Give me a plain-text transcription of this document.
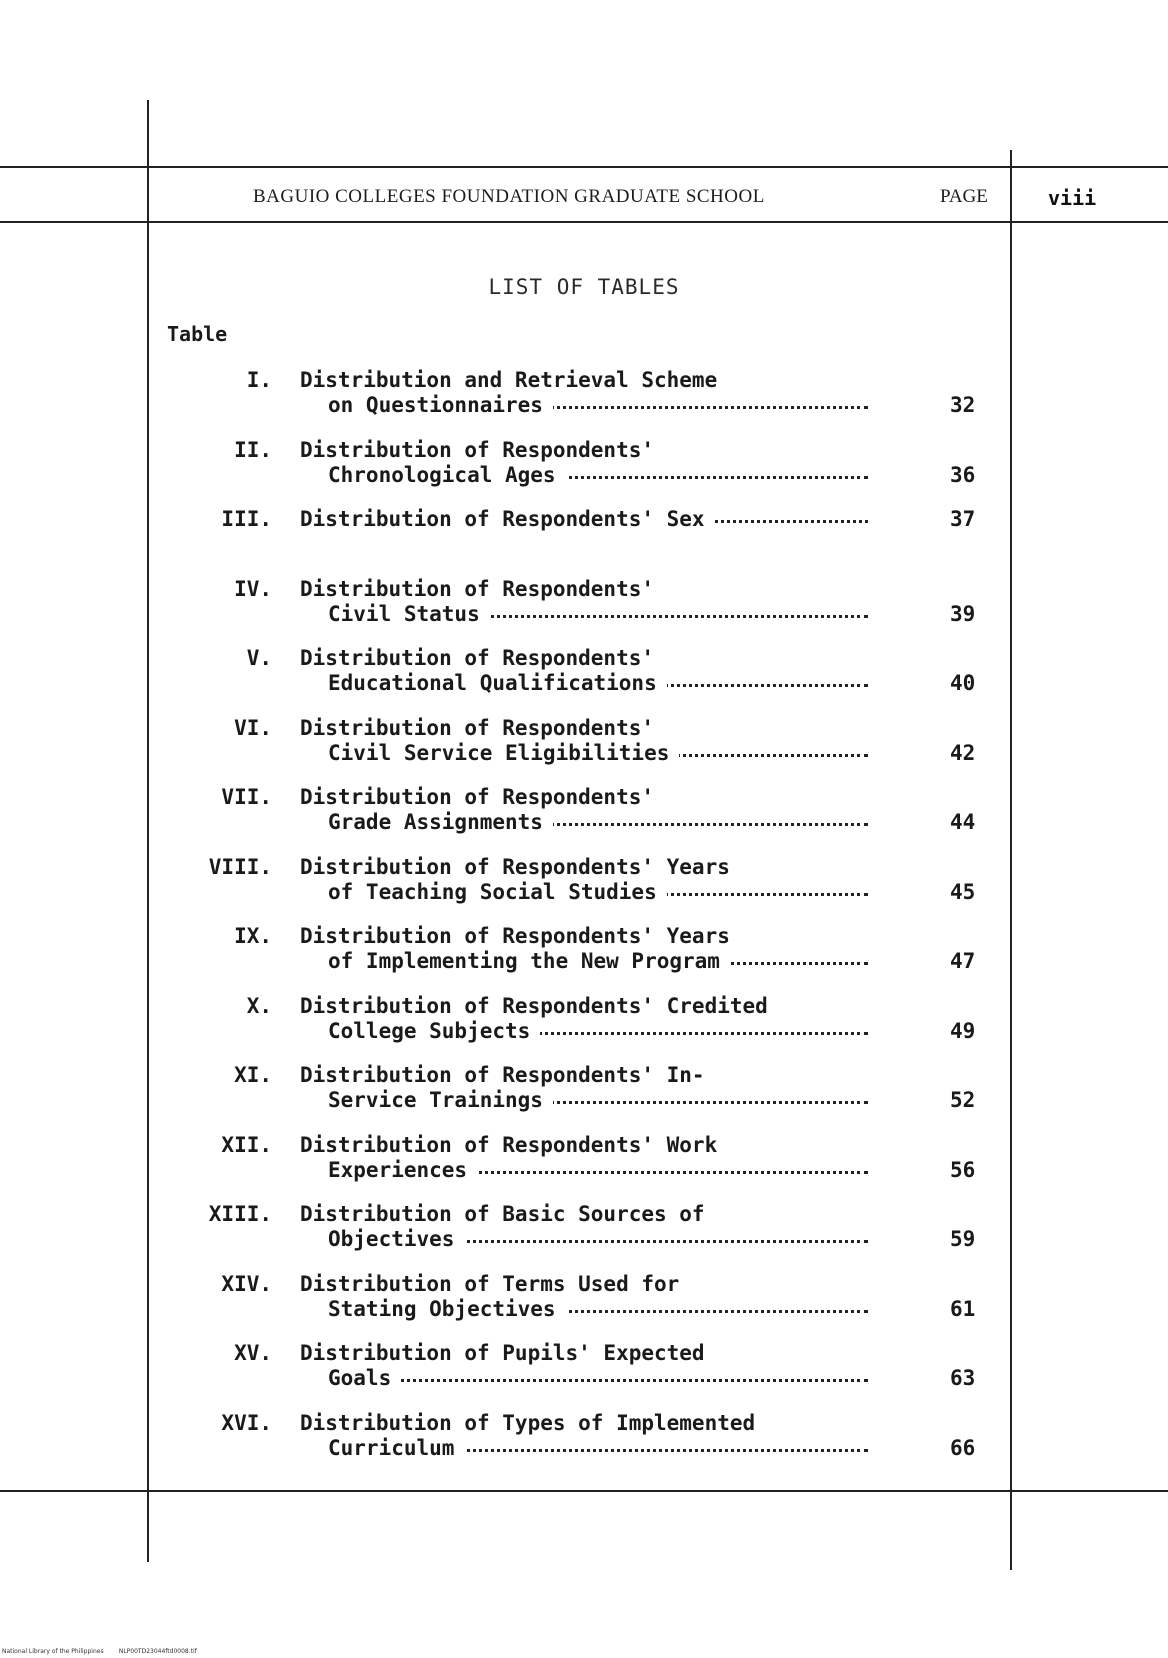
BAGUIO COLLEGES FOUNDATION GRADUATE SCHOOL	PAGE	viii
LIST OF TABLES
Table
I. Distribution and Retrieval Scheme
on Questionnaires	32
II. Distribution of Respondents'
Chronological Ages	36
III. Distribution of Respondents' Sex	37
IV. Distribution of Respondents'
Civil Status	39
V. Distribution of Respondents'
Educational Qualifications	40
VI. Distribution of Respondents'
Civil Service Eligibilities	42
VII. Distribution of Respondents'
Grade Assignments	44
VIII. Distribution of Respondents' Years
of Teaching Social Studies	45
IX. Distribution of Respondents' Years
of Implementing the New Program	47
X. Distribution of Respondents' Credited
College Subjects	49
XI. Distribution of Respondents' In-
Service Trainings	52
XII. Distribution of Respondents' Work
Experiences	56
XIII. Distribution of Basic Sources of
Objectives	59
XIV. Distribution of Terms Used for
Stating Objectives	61
XV. Distribution of Pupils' Expected
Goals	63
XVI. Distribution of Types of Implemented
Curriculum	66
National Library of the Philippines	NLP00TD23044ftd0008.tif
